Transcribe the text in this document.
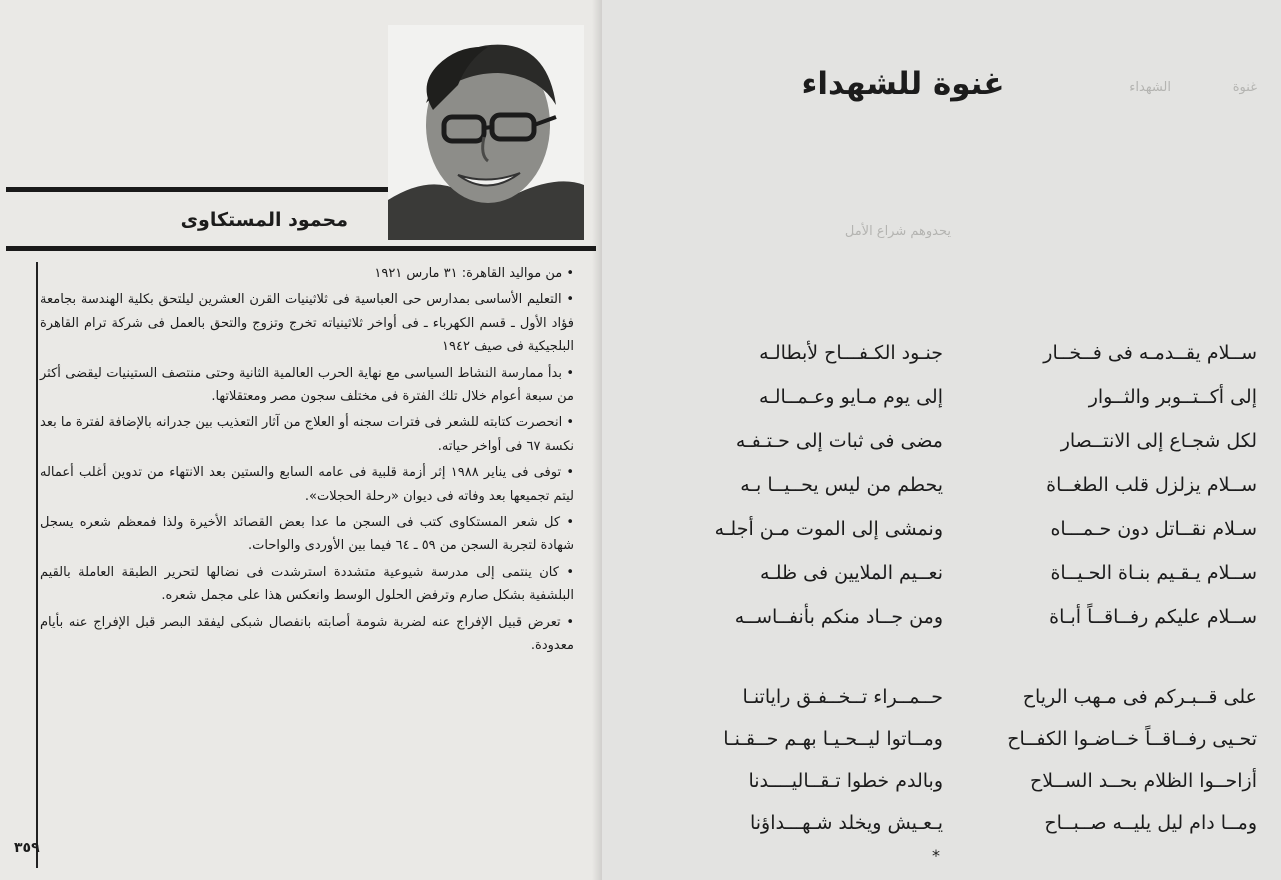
محمود المستكاوى

• من مواليد القاهرة: ٣١ مارس ١٩٢١

• التعليم الأساسى بمدارس حى العباسية فى ثلاثينيات القرن العشرين ليلتحق بكلية الهندسة بجامعة فؤاد الأول ـ قسم الكهرباء ـ فى أواخر ثلاثينياته تخرج وتزوج والتحق بالعمل فى شركة ترام القاهرة البلجيكية فى صيف ١٩٤٢

• بدأ ممارسة النشاط السياسى مع نهاية الحرب العالمية الثانية وحتى منتصف الستينيات ليقضى أكثر من سبعة أعوام خلال تلك الفترة فى مختلف سجون مصر ومعتقلاتها.

• انحصرت كتابته للشعر فى فترات سجنه أو العلاج من آثار التعذيب بين جدرانه بالإضافة لفترة ما بعد نكسة ٦٧ فى أواخر حياته.

• توفى فى يناير ١٩٨٨ إثر أزمة قلبية فى عامه السابع والستين بعد الانتهاء من تدوين أغلب أعماله ليتم تجميعها بعد وفاته فى ديوان «رحلة الحجلات».

• كل شعر المستكاوى كتب فى السجن ما عدا بعض القصائد الأخيرة ولذا فمعظم شعره يسجل شهادة لتجربة السجن من ٥٩ ـ ٦٤ فيما بين الأوردى والواحات.

• كان ينتمى إلى مدرسة شيوعية متشددة استرشدت فى نضالها لتحرير الطبقة العاملة بالقيم البلشفية بشكل صارم وترفض الحلول الوسط وانعكس هذا على مجمل شعره.

• تعرض قبيل الإفراج عنه لضربة شومة أصابته بانفصال شبكى ليفقد البصر قبل الإفراج عنه بأيام معدودة.

٣٥٩
الشهداء	غنوة
يحدوهم شراع الأمل
غنوة للشهداء
ســلام يقــدمـه فى فــخــار
جنـود الكـفـــاح لأبطالـه
إلى أكــتــوبر والثــوار
إلى يوم مـايو وعـمــالـه
لكل شجـاع إلى الانتــصار
مضى فى ثبات إلى حـتـفـه
ســلام يزلزل قلب الطغــاة
يحطم من ليس يحــيــا بـه
سـلام نقــاتل دون حـمـــاه
ونمشى إلى الموت مـن أجلـه
ســلام يـقـيم بنـاة الحـيــاة
نعــيم الملايين فى ظلـه
ســلام عليكم رفــاقــاً أبـاة
ومن جــاد منكم بأنفــاســه
على قــبـركم فى مـهب الرياح
حــمــراء تــخــفـق راياتنـا
تحـيى رفــاقــاً خــاضـوا الكفــاح
ومــاتوا ليــحـيـا بهـم حــقـنـا
أزاحــوا الظلام بحــد الســلاح
وبالدم خطوا تـقــاليــــدنا
ومــا دام ليل يليــه صــبــاح
يـعـيش ويخلد شـهـــداؤنا
*
